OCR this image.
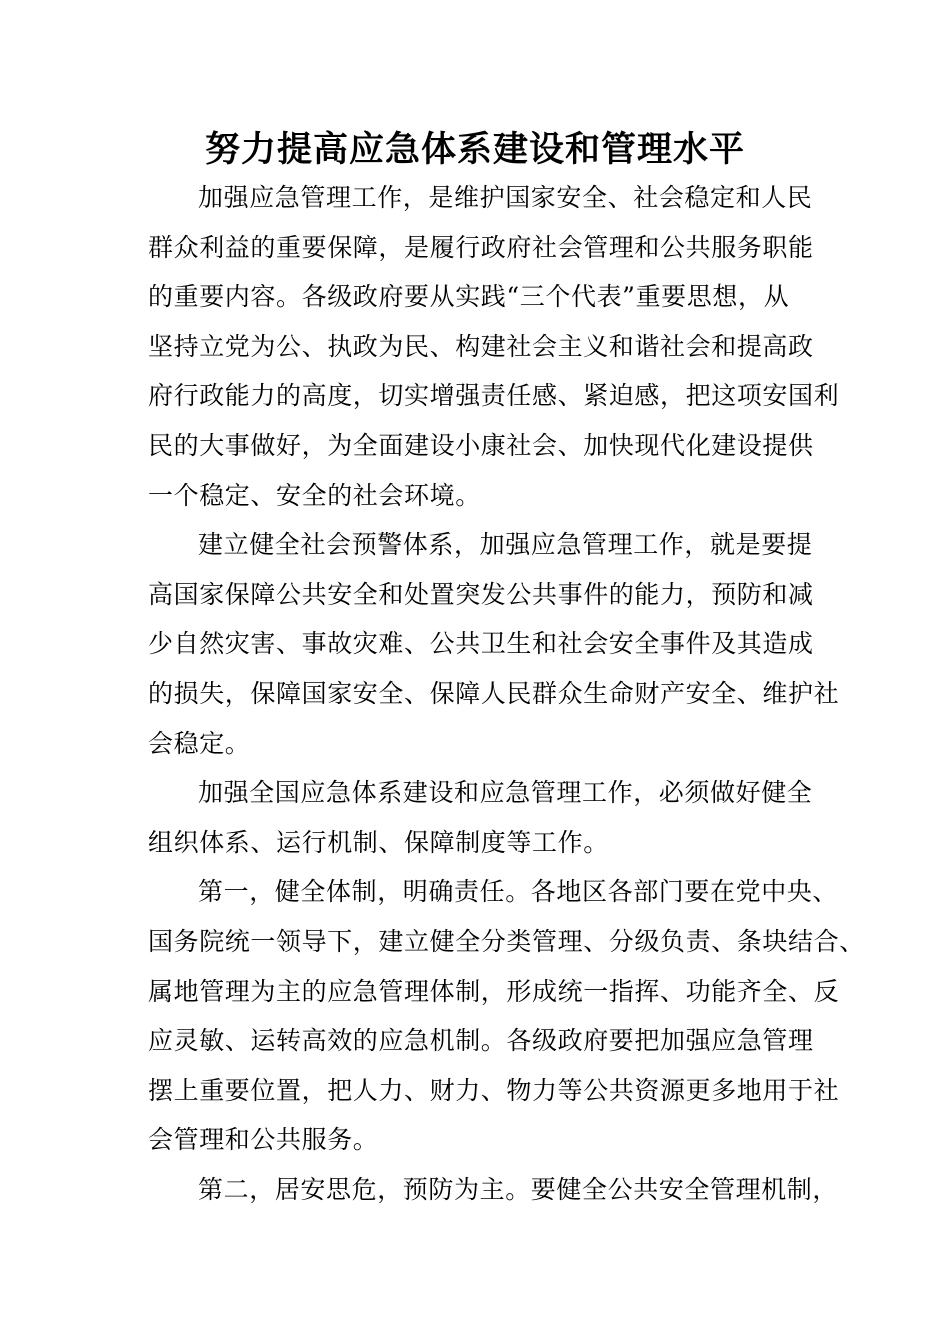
努力提高应急体系建设和管理水平
加强应急管理工作，是维护国家安全、社会稳定和人民
群众利益的重要保障，是履行政府社会管理和公共服务职能
的重要内容。各级政府要从实践“三个代表”重要思想，从
坚持立党为公、执政为民、构建社会主义和谐社会和提高政
府行政能力的高度，切实增强责任感、紧迫感，把这项安国利
民的大事做好，为全面建设小康社会、加快现代化建设提供
一个稳定、安全的社会环境。
建立健全社会预警体系，加强应急管理工作，就是要提
高国家保障公共安全和处置突发公共事件的能力，预防和减
少自然灾害、事故灾难、公共卫生和社会安全事件及其造成
的损失，保障国家安全、保障人民群众生命财产安全、维护社
会稳定。
加强全国应急体系建设和应急管理工作，必须做好健全
组织体系、运行机制、保障制度等工作。
第一，健全体制，明确责任。各地区各部门要在党中央、
国务院统一领导下，建立健全分类管理、分级负责、条块结合、
属地管理为主的应急管理体制，形成统一指挥、功能齐全、反
应灵敏、运转高效的应急机制。各级政府要把加强应急管理
摆上重要位置，把人力、财力、物力等公共资源更多地用于社
会管理和公共服务。
第二，居安思危，预防为主。要健全公共安全管理机制，
